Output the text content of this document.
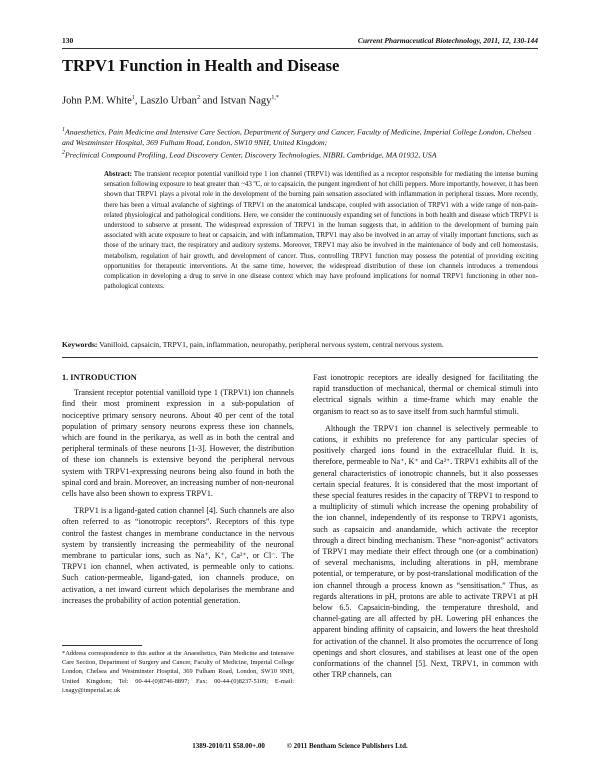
130	Current Pharmaceutical Biotechnology, 2011, 12, 130-144
TRPV1 Function in Health and Disease
John P.M. White$^1$, Laszlo Urban$^2$ and Istvan Nagy$^{1,*}$
$^1$Anaesthetics, Pain Medicine and Intensive Care Section, Department of Surgery and Cancer, Faculty of Medicine, Imperial College London, Chelsea and Westminster Hospital, 369 Fulham Road, London, SW10 9NH, United Kingdom;
$^2$Preclinical Compound Profiling, Lead Discovery Center, Discovery Technologies, NIBRI, Cambridge, MA 01932, USA
Abstract: The transient receptor potential vanilloid type 1 ion channel (TRPV1) was identified as a receptor responsible for mediating the intense burning sensation following exposure to heat greater than ~43 ºC, or to capsaicin, the pungent ingredient of hot chilli peppers. More importantly, however, it has been shown that TRPV1 plays a pivotal role in the development of the burning pain sensation associated with inflammation in peripheral tissues. More recently, there has been a virtual avalanche of sightings of TRPV1 on the anatomical landscape, coupled with association of TRPV1 with a wide range of non-pain-related physiological and pathological conditions. Here, we consider the continuously expanding set of functions in both health and disease which TRPV1 is understood to subserve at present. The widespread expression of TRPV1 in the human suggests that, in addition to the development of burning pain associated with acute exposure to heat or capsaicin, and with inflammation, TRPV1 may also be involved in an array of vitally important functions, such as those of the urinary tract, the respiratory and auditory systems. Moreover, TRPV1 may also be involved in the maintenance of body and cell homeostasis, metabolism, regulation of hair growth, and development of cancer. Thus, controlling TRPV1 function may possess the potential of providing exciting opportunities for therapeutic interventions. At the same time, however, the widespread distribution of these ion channels introduces a tremendous complication in developing a drug to serve in one disease context which may have profound implications for normal TRPV1 functioning in other non-pathological contexts.
Keywords: Vanilloid, capsaicin, TRPV1, pain, inflammation, neuropathy, peripheral nervous system, central nervous system.
1. INTRODUCTION

Transient receptor potential vanilloid type 1 (TRPV1) ion channels find their most prominent expression in a sub-population of nociceptive primary sensory neurons. About 40 per cent of the total population of primary sensory neurons express these ion channels, which are found in the perikarya, as well as in both the central and peripheral terminals of these neurons [1-3]. However, the distribution of these ion channels is extensive beyond the peripheral nervous system with TRPV1-expressing neurons being also found in both the spinal cord and brain. Moreover, an increasing number of non-neuronal cells have also been shown to express TRPV1.

TRPV1 is a ligand-gated cation channel [4]. Such channels are also often referred to as “ionotropic receptors”. Receptors of this type control the fastest changes in membrane conductance in the nervous system by transiently increasing the permeability of the neuronal membrane to particular ions, such as Na⁺, K⁺, Ca²⁺, or Cl⁻. The TRPV1 ion channel, when activated, is permeable only to cations. Such cation-permeable, ligand-gated, ion channels produce, on activation, a net inward current which depolarises the membrane and increases the probability of action potential generation.

*Address correspondence to this author at the Anaesthetics, Pain Medicine and Intensive Care Section, Department of Surgery and Cancer, Faculty of Medicine, Imperial College London, Chelsea and Westminster Hospital, 369 Fulham Road, London, SW10 9NH, United Kingdom; Tel: 00-44-(0)8746-8897; Fax: 00-44-(0)8237-5109; E-mail: i.nagy@imperial.ac.uk

Fast ionotropic receptors are ideally designed for facilitating the rapid transduction of mechanical, thermal or chemical stimuli into electrical signals within a time-frame which may enable the organism to react so as to save itself from such harmful stimuli.

Although the TRPV1 ion channel is selectively permeable to cations, it exhibits no preference for any particular species of positively charged ions found in the extracellular fluid. It is, therefore, permeable to Na⁺, K⁺ and Ca²⁺. TRPV1 exhibits all of the general characteristics of ionotropic channels, but it also possesses certain special features. It is considered that the most important of these special features resides in the capacity of TRPV1 to respond to a multiplicity of stimuli which increase the opening probability of the ion channel, independently of its response to TRPV1 agonists, such as capsaicin and anandamide, which activate the receptor through a direct binding mechanism. These “non-agonist” activators of TRPV1 may mediate their effect through one (or a combination) of several mechanisms, including alterations in pH, membrane potential, or temperature, or by post-translational modification of the ion channel through a process known as “sensitisation.” Thus, as regards alterations in pH, protons are able to activate TRPV1 at pH below 6.5. Capsaicin-binding, the temperature threshold, and channel-gating are all affected by pH. Lowering pH enhances the apparent binding affinity of capsaicin, and lowers the heat threshold for activation of the channel. It also promotes the occurrence of long openings and short closures, and stabilises at least one of the open conformations of the channel [5]. Next, TRPV1, in common with other TRP channels, can

1389-2010/11 $58.00+.00	© 2011 Bentham Science Publishers Ltd.
